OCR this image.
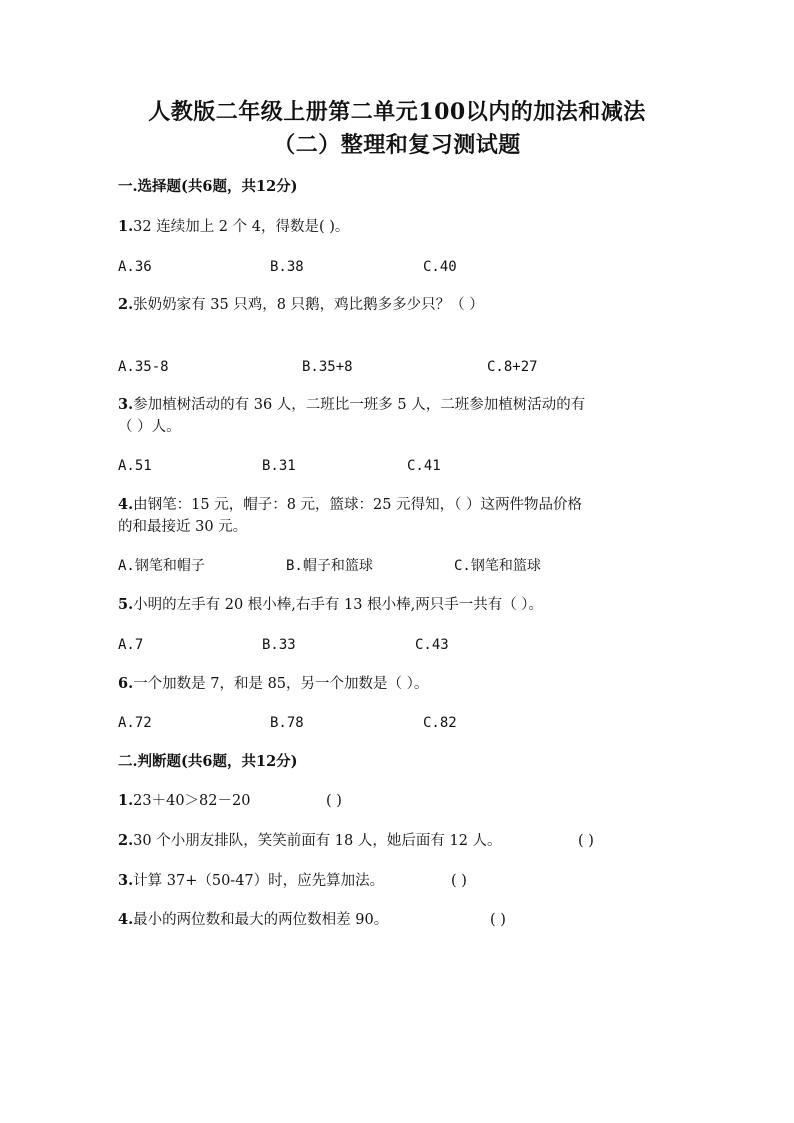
人教版二年级上册第二单元100以内的加法和减法
（二）整理和复习测试题
一.选择题(共6题，共12分)
1.32 连续加上 2 个 4，得数是( )。
A.36	B.38	C.40
2.张奶奶家有 35 只鸡，8 只鹅，鸡比鹅多多少只？（ ）
A.35-8	B.35+8	C.8+27
3.参加植树活动的有 36 人，二班比一班多 5 人，二班参加植树活动的有
（ ）人。
A.51	B.31	C.41
4.由钢笔：15 元，帽子：8 元，篮球：25 元得知，（ ）这两件物品价格
的和最接近 30 元。
A.钢笔和帽子	B.帽子和篮球	C.钢笔和篮球
5.小明的左手有 20 根小棒,右手有 13 根小棒,两只手一共有（ ）。
A.7	B.33	C.43
6.一个加数是 7，和是 85，另一个加数是（ ）。
A.72	B.78	C.82
二.判断题(共6题，共12分)
1.23＋40＞82－20	( )
2.30 个小朋友排队，笑笑前面有 18 人，她后面有 12 人。	( )
3.计算 37+（50-47）时，应先算加法。	( )
4.最小的两位数和最大的两位数相差 90。	( )
